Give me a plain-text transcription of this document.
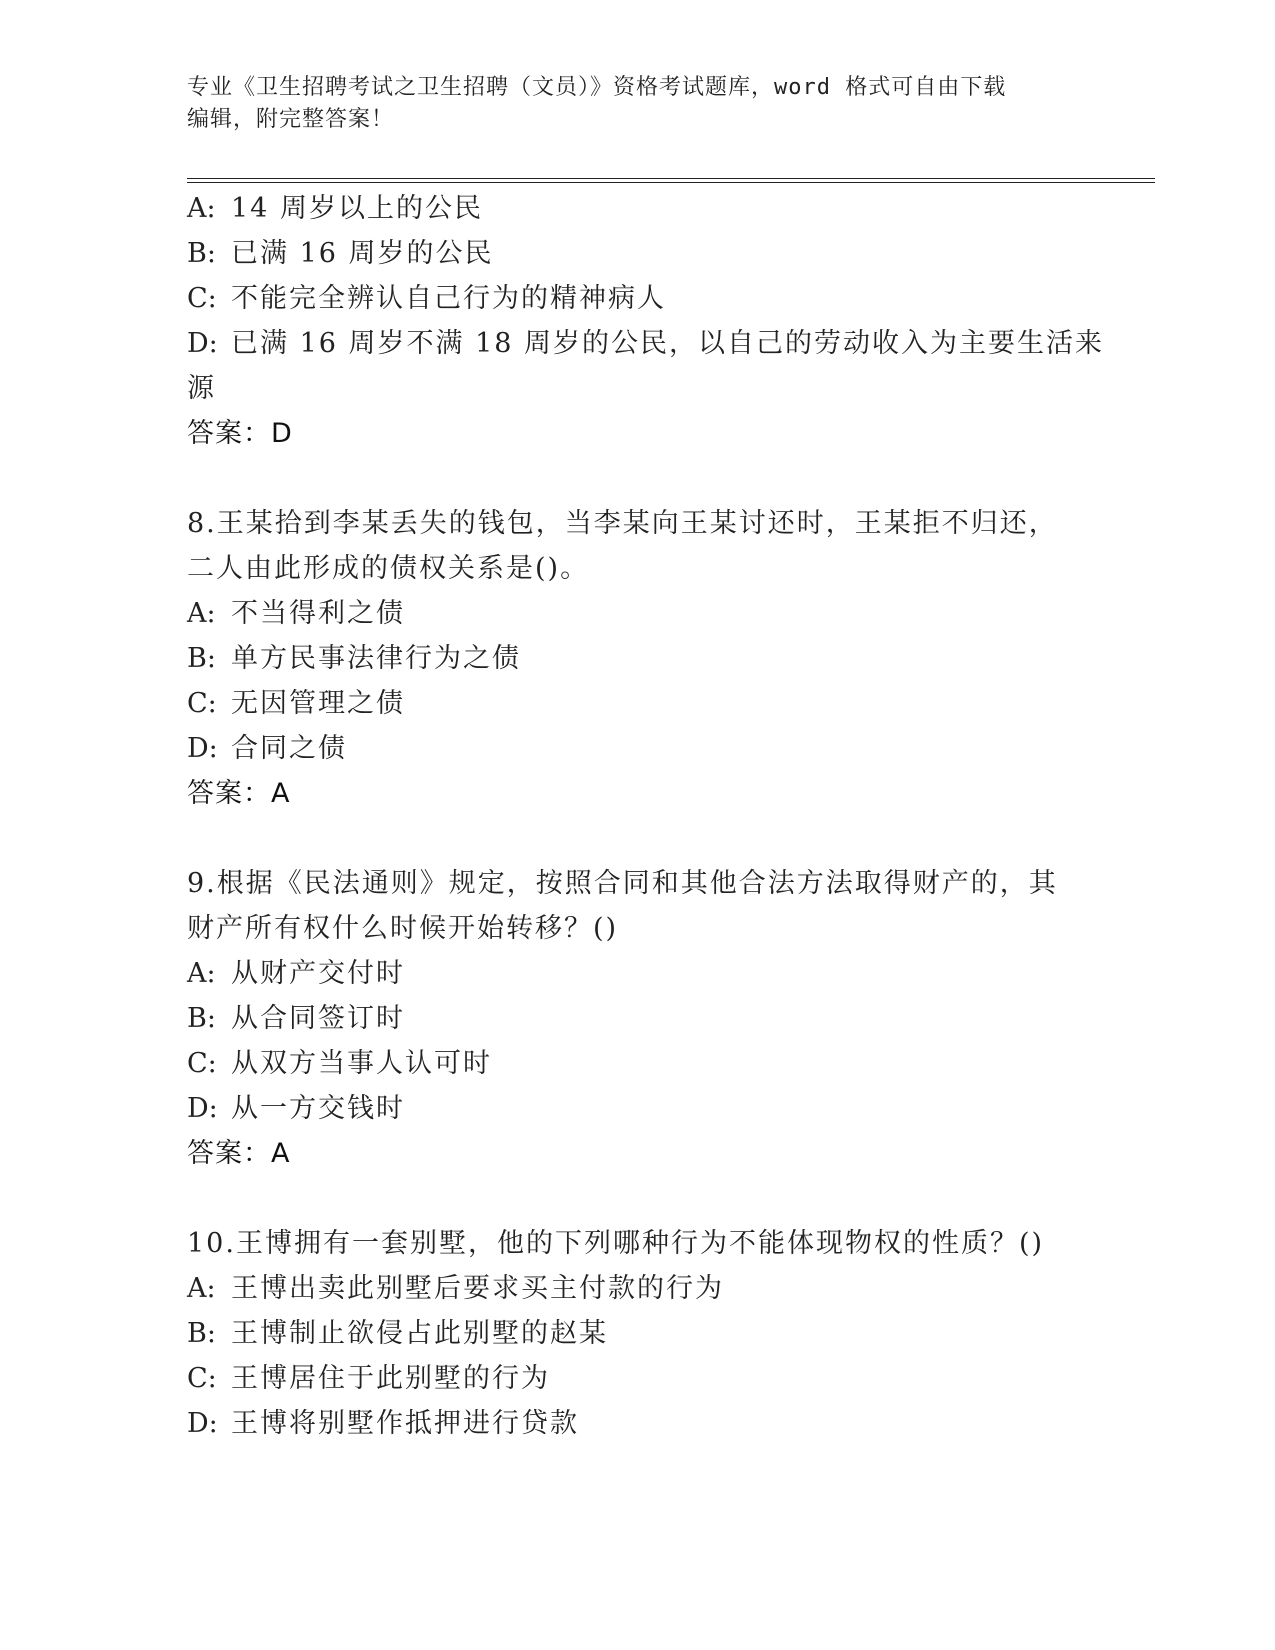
专业《卫生招聘考试之卫生招聘（文员）》资格考试题库，word 格式可自由下载
编辑，附完整答案！
A: 14 周岁以上的公民
B: 已满 16 周岁的公民
C: 不能完全辨认自己行为的精神病人
D: 已满 16 周岁不满 18 周岁的公民，以自己的劳动收入为主要生活来
源
答案：D
8.王某拾到李某丢失的钱包，当李某向王某讨还时，王某拒不归还，
二人由此形成的债权关系是()。
A: 不当得利之债
B: 单方民事法律行为之债
C: 无因管理之债
D: 合同之债
答案：A
9.根据《民法通则》规定，按照合同和其他合法方法取得财产的，其
财产所有权什么时候开始转移？()
A: 从财产交付时
B: 从合同签订时
C: 从双方当事人认可时
D: 从一方交钱时
答案：A
10.王博拥有一套别墅，他的下列哪种行为不能体现物权的性质？()
A: 王博出卖此别墅后要求买主付款的行为
B: 王博制止欲侵占此别墅的赵某
C: 王博居住于此别墅的行为
D: 王博将别墅作抵押进行贷款
